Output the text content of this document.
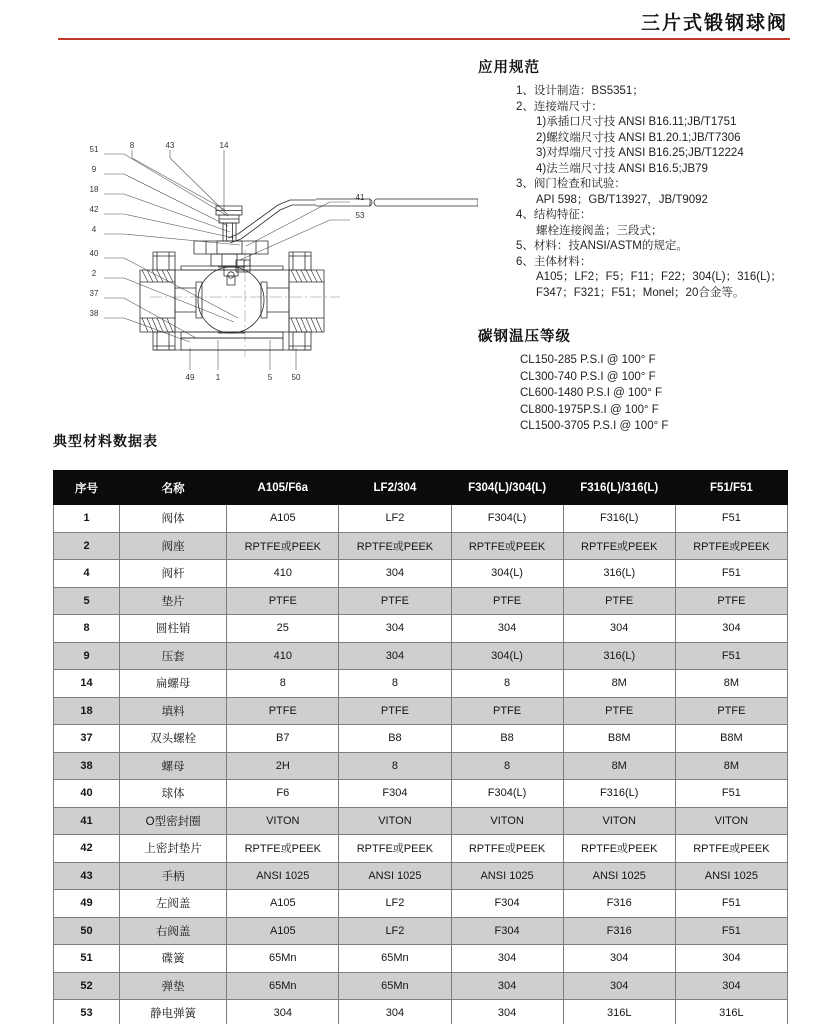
三片式锻钢球阀
51
9
18
42
4
40
2
37
38
8	43	14
41
53
49	1	5 50
应用规范
1、设计制造：BS5351；
2、连接端尺寸：
1)承插口尺寸技 ANSI B16.11;JB/T1751
2)螺纹端尺寸技 ANSI B1.20.1;JB/T7306
3)对焊端尺寸技 ANSI B16.25;JB/T12224
4)法兰端尺寸技 ANSI B16.5;JB79
3、阀门检查和试验：
API 598；GB/T13927，JB/T9092
4、结构特征：
螺栓连接阀盖；三段式；
5、材料：技ANSI/ASTM的规定。
6、主体材料：
A105；LF2；F5；F11；F22；304(L)；316(L)；
F347；F321；F51；Monel；20合金等。
碳钢温压等级
CL150-285 P.S.I @ 100° F
CL300-740 P.S.I @ 100° F
CL600-1480 P.S.I @ 100° F
CL800-1975P.S.I @ 100° F
CL1500-3705 P.S.I @ 100° F
典型材料数据表
序号	名称	A105/F6a	LF2/304	F304(L)/304(L)	F316(L)/316(L)	F51/F51
1	阀体	A105	LF2	F304(L)	F316(L)	F51
2	阀座	RPTFE或PEEK	RPTFE或PEEK	RPTFE或PEEK	RPTFE或PEEK	RPTFE或PEEK
4	阀杆	410	304	304(L)	316(L)	F51
5	垫片	PTFE	PTFE	PTFE	PTFE	PTFE
8	圆柱销	25	304	304	304	304
9	压套	410	304	304(L)	316(L)	F51
14	扁螺母	8	8	8	8M	8M
18	填料	PTFE	PTFE	PTFE	PTFE	PTFE
37	双头螺栓	B7	B8	B8	B8M	B8M
38	螺母	2H	8	8	8M	8M
40	球体	F6	F304	F304(L)	F316(L)	F51
41	O型密封圈	VITON	VITON	VITON	VITON	VITON
42	上密封垫片	RPTFE或PEEK	RPTFE或PEEK	RPTFE或PEEK	RPTFE或PEEK	RPTFE或PEEK
43	手柄	ANSI 1025	ANSI 1025	ANSI 1025	ANSI 1025	ANSI 1025
49	左阀盖	A105	LF2	F304	F316	F51
50	右阀盖	A105	LF2	F304	F316	F51
51	碟簧	65Mn	65Mn	304	304	304
52	弹垫	65Mn	65Mn	304	304	304
53	静电弹簧	304	304	304	316L	316L
